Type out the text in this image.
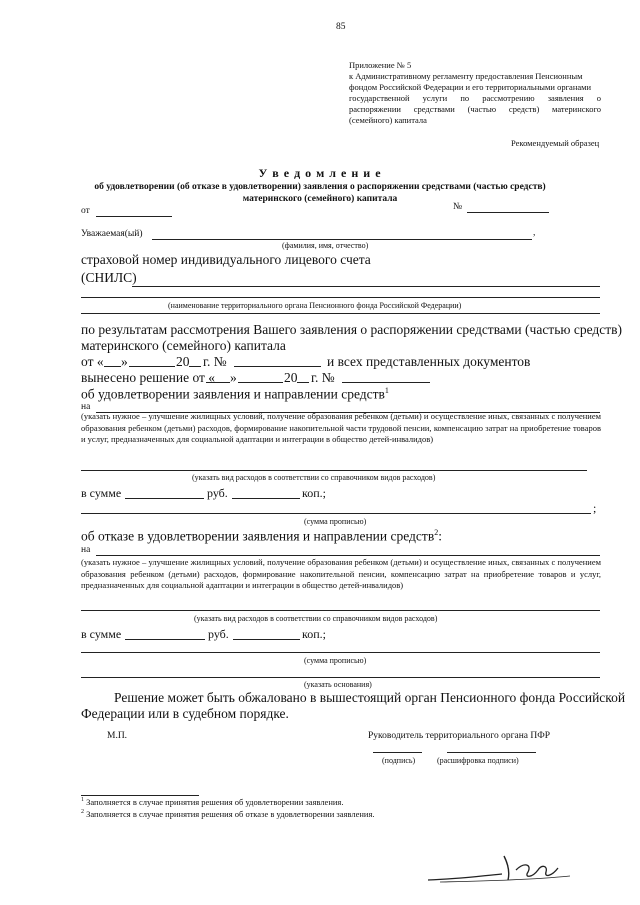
85
Приложение № 5
к Административному регламенту предоставления Пенсионным
фондом Российской Федерации и его территориальными органами
государственной услуги по рассмотрению заявления о
распоряжении средствами (частью средств) материнского
(семейного) капитала
Рекомендуемый образец
У в е д о м л е н и е
об удовлетворении (об отказе в удовлетворении) заявления о распоряжении средствами (частью средств)
материнского (семейного) капитала
от	№
Уважаемая(ый)	,
(фамилия, имя, отчество)
страховой номер индивидуального лицевого счета
(СНИЛС)
(наименование территориального органа Пенсионного фонда Российской Федерации)
по результатам рассмотрения Вашего заявления о распоряжении средствами (частью средств)
материнского (семейного) капитала
от « »	20 г. №	и всех представленных документов
вынесено решение от « »	20 г. №
об удовлетворении заявления и направлении средств$^1$
на
(указать нужное – улучшение жилищных условий, получение образования ребенком (детьми) и осуществление иных, связанных с получением образования ребенком (детьми) расходов, формирование накопительной части трудовой пенсии, компенсацию затрат на приобретение товаров и услуг, предназначенных для социальной адаптации и интеграции в общество детей-инвалидов)
(указать вид расходов в соответствии со справочником видов расходов)
в сумме	руб.	коп.;
;
(сумма прописью)
об отказе в удовлетворении заявления и направлении средств$^2$:
на
(указать нужное – улучшение жилищных условий, получение образования ребенком (детьми) и осуществление иных, связанных с получением образования ребенком (детьми) расходов, формирование накопительной пенсии, компенсацию затрат на приобретение товаров и услуг, предназначенных для социальной адаптации и интеграции в общество детей-инвалидов)
(указать вид расходов в соответствии со справочником видов расходов)
в сумме	руб.	коп.;
(сумма прописью)
(указать основания)
Решение может быть обжаловано в вышестоящий орган Пенсионного фонда Российской
Федерации или в судебном порядке.
М.П.	Руководитель территориального органа ПФР
(подпись)	(расшифровка подписи)
$^1$ Заполняется в случае принятия решения об удовлетворении заявления.
$^2$ Заполняется в случае принятия решения об отказе в удовлетворении заявления.
